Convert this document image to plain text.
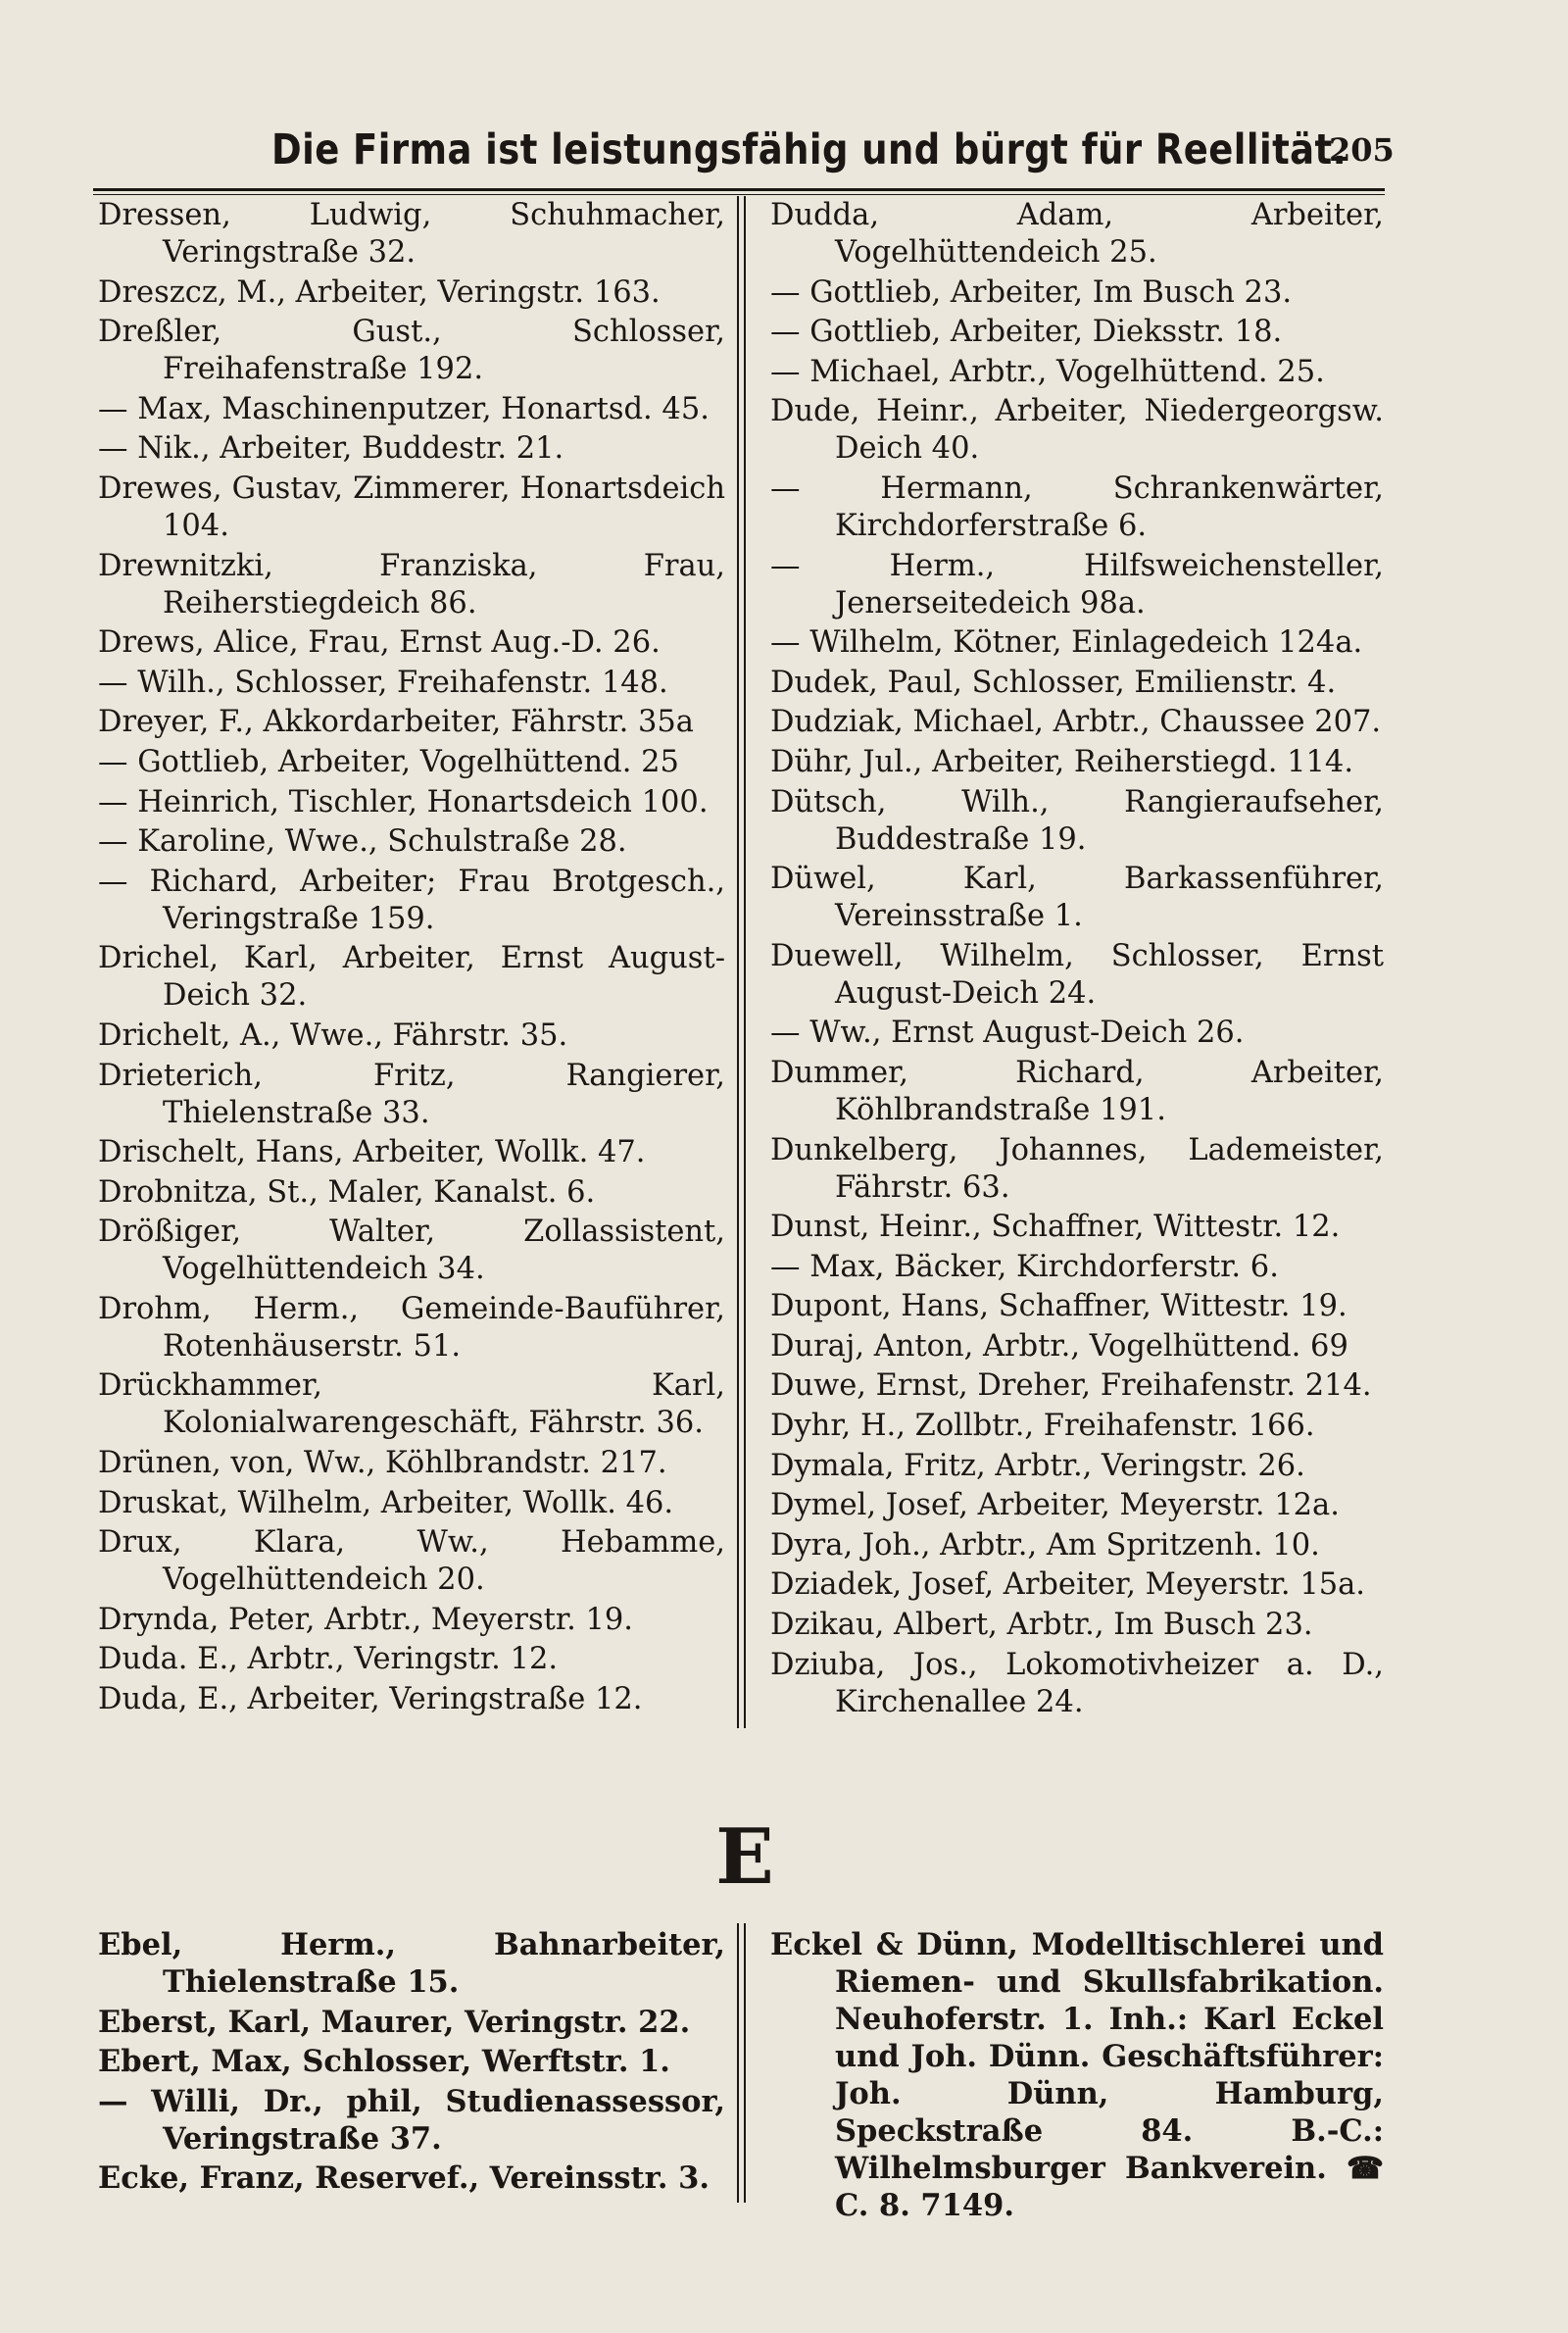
Die Firma ist leistungsfähig und bürgt für Reellität.
205

Dressen, Ludwig, Schuhmacher, Veringstraße 32.

Dreszcz, M., Arbeiter, Veringstr. 163.

Dreßler, Gust., Schlosser, Freihafenstraße 192.

— Max, Maschinenputzer, Honartsd. 45.

— Nik., Arbeiter, Buddestr. 21.

Drewes, Gustav, Zimmerer, Honartsdeich 104.

Drewnitzki, Franziska, Frau, Reiherstiegdeich 86.

Drews, Alice, Frau, Ernst Aug.-D. 26.

— Wilh., Schlosser, Freihafenstr. 148.

Dreyer, F., Akkordarbeiter, Fährstr. 35a

— Gottlieb, Arbeiter, Vogelhüttend. 25

— Heinrich, Tischler, Honartsdeich 100.

— Karoline, Wwe., Schulstraße 28.

— Richard, Arbeiter; Frau Brotgesch., Veringstraße 159.

Drichel, Karl, Arbeiter, Ernst August-Deich 32.

Drichelt, A., Wwe., Fährstr. 35.

Drieterich, Fritz, Rangierer, Thielenstraße 33.

Drischelt, Hans, Arbeiter, Wollk. 47.

Drobnitza, St., Maler, Kanalst. 6.

Drößiger, Walter, Zollassistent, Vogelhüttendeich 34.

Drohm, Herm., Gemeinde-Bauführer, Rotenhäuserstr. 51.

Drückhammer, Karl, Kolonialwarengeschäft, Fährstr. 36.

Drünen, von, Ww., Köhlbrandstr. 217.

Druskat, Wilhelm, Arbeiter, Wollk. 46.

Drux, Klara, Ww., Hebamme, Vogelhüttendeich 20.

Drynda, Peter, Arbtr., Meyerstr. 19.

Duda. E., Arbtr., Veringstr. 12.

Duda, E., Arbeiter, Veringstraße 12.

Dudda, Adam, Arbeiter, Vogelhüttendeich 25.

— Gottlieb, Arbeiter, Im Busch 23.

— Gottlieb, Arbeiter, Dieksstr. 18.

— Michael, Arbtr., Vogelhüttend. 25.

Dude, Heinr., Arbeiter, Niedergeorgsw. Deich 40.

— Hermann, Schrankenwärter, Kirchdorferstraße 6.

— Herm., Hilfsweichensteller, Jenerseitedeich 98a.

— Wilhelm, Kötner, Einlagedeich 124a.

Dudek, Paul, Schlosser, Emilienstr. 4.

Dudziak, Michael, Arbtr., Chaussee 207.

Dühr, Jul., Arbeiter, Reiherstiegd. 114.

Dütsch, Wilh., Rangieraufseher, Buddestraße 19.

Düwel, Karl, Barkassenführer, Vereinsstraße 1.

Duewell, Wilhelm, Schlosser, Ernst August-Deich 24.

— Ww., Ernst August-Deich 26.

Dummer, Richard, Arbeiter, Köhlbrandstraße 191.

Dunkelberg, Johannes, Lademeister, Fährstr. 63.

Dunst, Heinr., Schaffner, Wittestr. 12.

— Max, Bäcker, Kirchdorferstr. 6.

Dupont, Hans, Schaffner, Wittestr. 19.

Duraj, Anton, Arbtr., Vogelhüttend. 69

Duwe, Ernst, Dreher, Freihafenstr. 214.

Dyhr, H., Zollbtr., Freihafenstr. 166.

Dymala, Fritz, Arbtr., Veringstr. 26.

Dymel, Josef, Arbeiter, Meyerstr. 12a.

Dyra, Joh., Arbtr., Am Spritzenh. 10.

Dziadek, Josef, Arbeiter, Meyerstr. 15a.

Dzikau, Albert, Arbtr., Im Busch 23.

Dziuba, Jos., Lokomotivheizer a. D., Kirchenallee 24.

E

Ebel, Herm., Bahnarbeiter, Thielenstraße 15.

Eberst, Karl, Maurer, Veringstr. 22.

Ebert, Max, Schlosser, Werftstr. 1.

— Willi, Dr., phil, Studienassessor, Veringstraße 37.

Ecke, Franz, Reservef., Vereinsstr. 3.

Eckel & Dünn, Modelltischlerei und Riemen- und Skullsfabrikation. Neuhoferstr. 1. Inh.: Karl Eckel und Joh. Dünn. Geschäftsführer: Joh. Dünn, Hamburg, Speckstraße 84. B.-C.: Wilhelmsburger Bankverein. ☎ C. 8. 7149.
